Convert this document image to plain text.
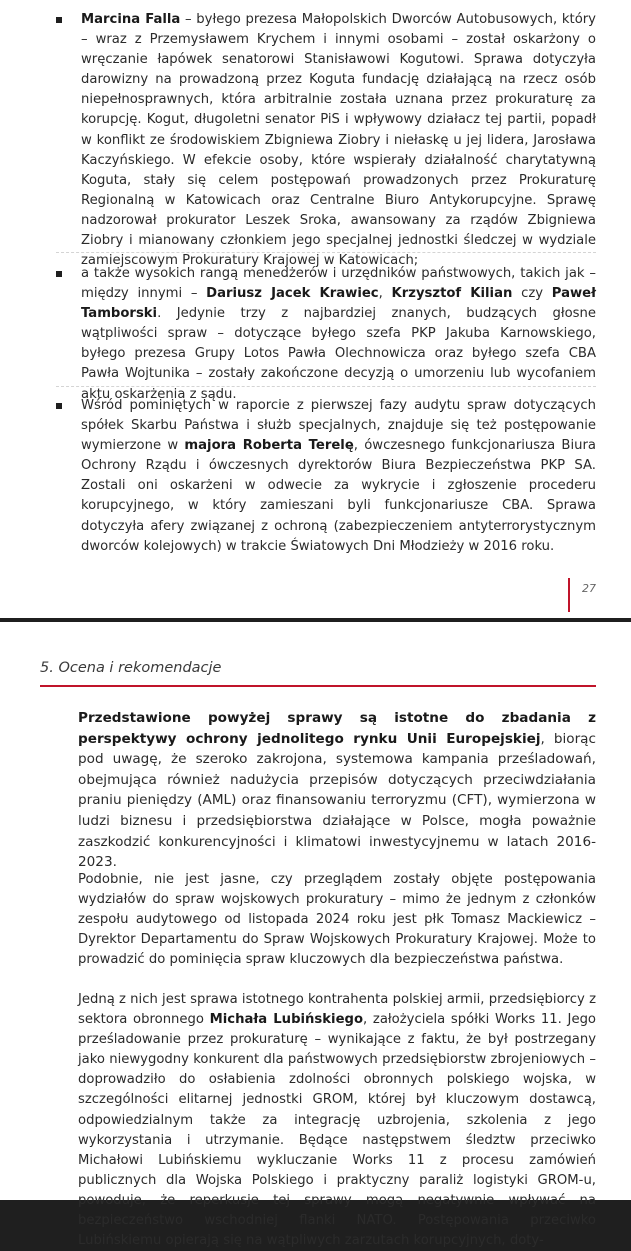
Marcina Falla – byłego prezesa Małopolskich Dworców Autobusowych, który – wraz z Przemysławem Krychem i innymi osobami – został oskarżony o wręczanie łapówek senatorowi Stanisławowi Kogutowi. Sprawa dotyczyła darowizny na prowadzoną przez Koguta fundację działającą na rzecz osób niepełnosprawnych, która arbitralnie została uznana przez prokuraturę za korupcję. Kogut, długoletni senator PiS i wpływowy działacz tej partii, popadł w konflikt ze środowiskiem Zbigniewa Ziobry i niełaskę u jej lidera, Jarosława Kaczyńskiego. W efekcie osoby, które wspierały działalność charytatywną Koguta, stały się celem postępowań prowadzonych przez Prokuraturę Regionalną w Katowicach oraz Centralne Biuro Antykorupcyjne. Sprawę nadzorował prokurator Leszek Sroka, awansowany za rządów Zbigniewa Ziobry i mianowany członkiem jego specjalnej jednostki śledczej w wydziale zamiejscowym Prokuratury Krajowej w Katowicach;
a także wysokich rangą menedżerów i urzędników państwowych, takich jak – między innymi – Dariusz Jacek Krawiec, Krzysztof Kilian czy Paweł Tamborski. Jedynie trzy z najbardziej znanych, budzących głosne wątpliwości spraw – dotyczące byłego szefa PKP Jakuba Karnowskiego, byłego prezesa Grupy Lotos Pawła Olechnowicza oraz byłego szefa CBA Pawła Wojtunika – zostały zakończone decyzją o umorzeniu lub wycofaniem aktu oskarżenia z sądu.
Wśród pominiętych w raporcie z pierwszej fazy audytu spraw dotyczących spółek Skarbu Państwa i służb specjalnych, znajduje się też postępowanie wymierzone w majora Roberta Terelę, ówczesnego funkcjonariusza Biura Ochrony Rządu i ówczesnych dyrektorów Biura Bezpieczeństwa PKP SA. Zostali oni oskarżeni w odwecie za wykrycie i zgłoszenie procederu korupcyjnego, w który zamieszani byli funkcjonariusze CBA. Sprawa dotyczyła afery związanej z ochroną (zabezpieczeniem antyterrorystycznym dworców kolejowych) w trakcie Światowych Dni Młodzieży w 2016 roku.
27
5. Ocena i rekomendacje

Przedstawione powyżej sprawy są istotne do zbadania z perspektywy ochrony jednolitego rynku Unii Europejskiej, biorąc pod uwagę, że szeroko zakrojona, systemowa kampania prześladowań, obejmująca również nadużycia przepisów dotyczących przeciwdziałania praniu pieniędzy (AML) oraz finansowaniu terroryzmu (CFT), wymierzona w ludzi biznesu i przedsiębiorstwa działające w Polsce, mogła poważnie zaszkodzić konkurencyjności i klimatowi inwestycyjnemu w latach 2016-2023.

Podobnie, nie jest jasne, czy przeglądem zostały objęte postępowania wydziałów do spraw wojskowych prokuratury – mimo że jednym z członków zespołu audytowego od listopada 2024 roku jest płk Tomasz Mackiewicz – Dyrektor Departamentu do Spraw Wojskowych Prokuratury Krajowej. Może to prowadzić do pominięcia spraw kluczowych dla bezpieczeństwa państwa.

Jedną z nich jest sprawa istotnego kontrahenta polskiej armii, przedsiębiorcy z sektora obronnego Michała Lubińskiego, założyciela spółki Works 11. Jego prześladowanie przez prokuraturę – wynikające z faktu, że był postrzegany jako niewygodny konkurent dla państwowych przedsiębiorstw zbrojeniowych – doprowadziło do osłabienia zdolności obronnych polskiego wojska, w szczególności elitarnej jednostki GROM, której był kluczowym dostawcą, odpowiedzialnym także za integrację uzbrojenia, szkolenia z jego wykorzystania i utrzymanie. Będące następstwem śledztw przeciwko Michałowi Lubińskiemu wykluczanie Works 11 z procesu zamówień publicznych dla Wojska Polskiego i praktyczny paraliż logistyki GROM-u, powoduje, że reperkusje tej sprawy mogą negatywnie wpływać na bezpieczeństwo wschodniej flanki NATO. Postępowania przeciwko Lubińskiemu opierają się na wątpliwych zarzutach korupcyjnych, doty-
